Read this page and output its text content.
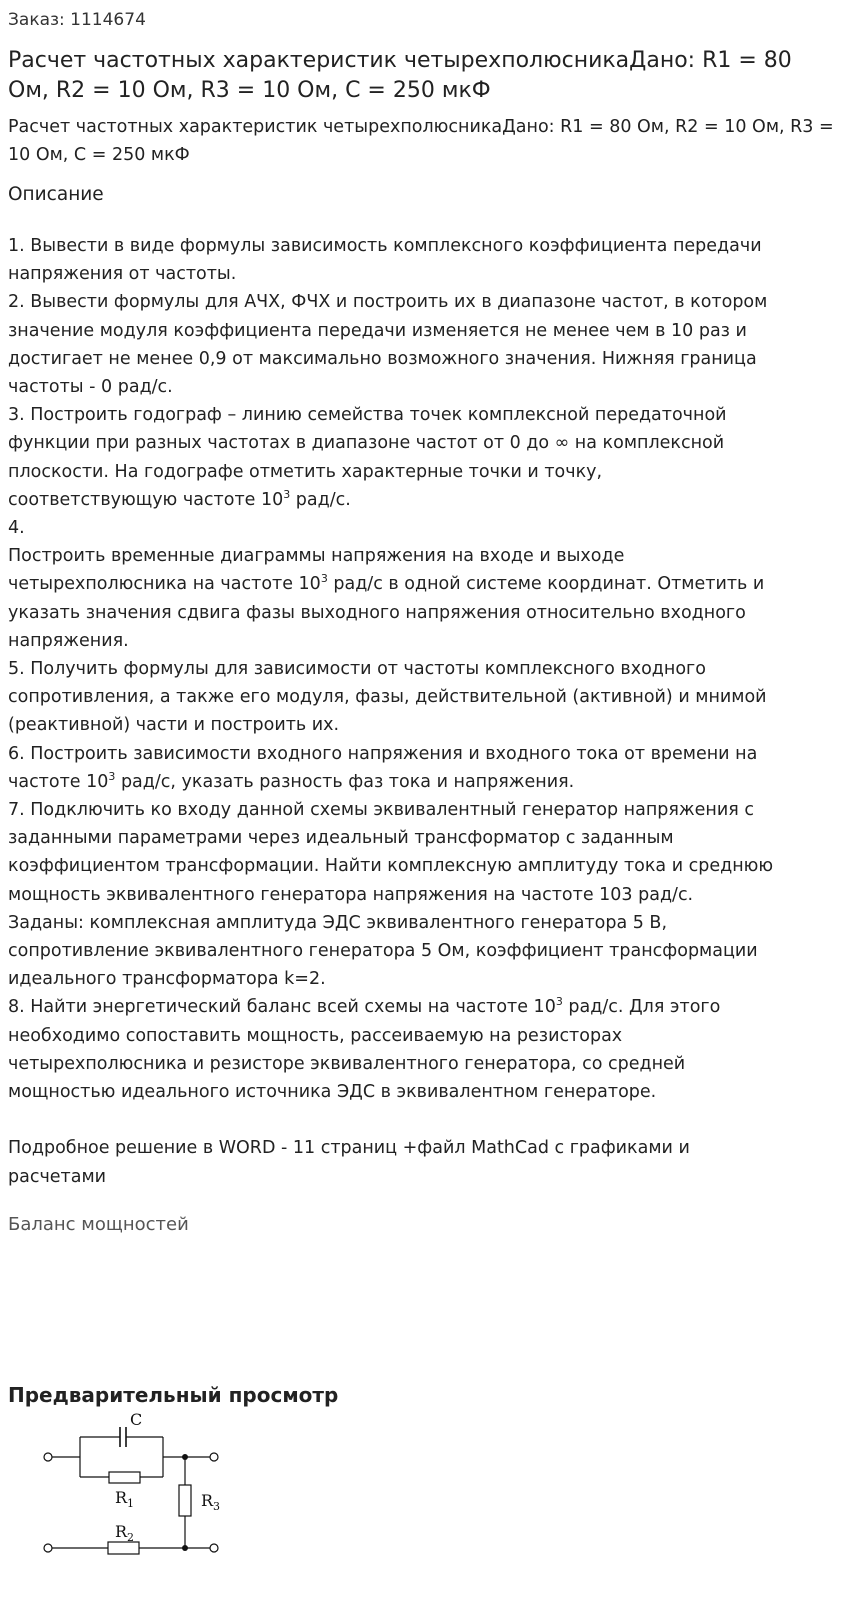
Заказ: 1114674

Расчет частотных характеристик четырехполюсникаДано: R1 = 80 Ом, R2 = 10 Ом, R3 = 10 Ом, C = 250 мкФ

Расчет частотных характеристик четырехполюсникаДано: R1 = 80 Ом, R2 = 10 Ом, R3 = 10 Ом, C = 250 мкФ

Описание
1. Вывести в виде формулы зависимость комплексного коэффициента передачи
напряжения от частоты.
2. Вывести формулы для АЧХ, ФЧХ и построить их в диапазоне частот, в котором
значение модуля коэффициента передачи изменяется не менее чем в 10 раз и
достигает не менее 0,9 от максимально возможного значения. Нижняя граница
частоты - 0 рад/с.
3. Построить годограф – линию семейства точек комплексной передаточной
функции при разных частотах в диапазоне частот от 0 до ∞ на комплексной
плоскости. На годографе отметить характерные точки и точку,
соответствующую частоте $10^3$ рад/с.
4.
Построить временные диаграммы напряжения на входе и выходе
четырехполюсника на частоте $10^3$ рад/с в одной системе координат. Отметить и
указать значения сдвига фазы выходного напряжения относительно входного
напряжения.
5. Получить формулы для зависимости от частоты комплексного входного
сопротивления, а также его модуля, фазы, действительной (активной) и мнимой
(реактивной) части и построить их.
6. Построить зависимости входного напряжения и входного тока от времени на
частоте $10^3$ рад/с, указать разность фаз тока и напряжения.
7. Подключить ко входу данной схемы эквивалентный генератор напряжения с
заданными параметрами через идеальный трансформатор с заданным
коэффициентом трансформации. Найти комплексную амплитуду тока и среднюю
мощность эквивалентного генератора напряжения на частоте 103 рад/с.
Заданы: комплексная амплитуда ЭДС эквивалентного генератора 5 В,
сопротивление эквивалентного генератора 5 Ом, коэффициент трансформации
идеального трансформатора k=2.
8. Найти энергетический баланс всей схемы на частоте $10^3$ рад/с. Для этого
необходимо сопоставить мощность, рассеиваемую на резисторах
четырехполюсника и резисторе эквивалентного генератора, со средней
мощностью идеального источника ЭДС в эквивалентном генераторе.
Подробное решение в WORD - 11 страниц +файл MathCad с графиками и
расчетами

Баланс мощностей

Предварительный просмотр
C
$R_1$	$R_3$
$R_2$
